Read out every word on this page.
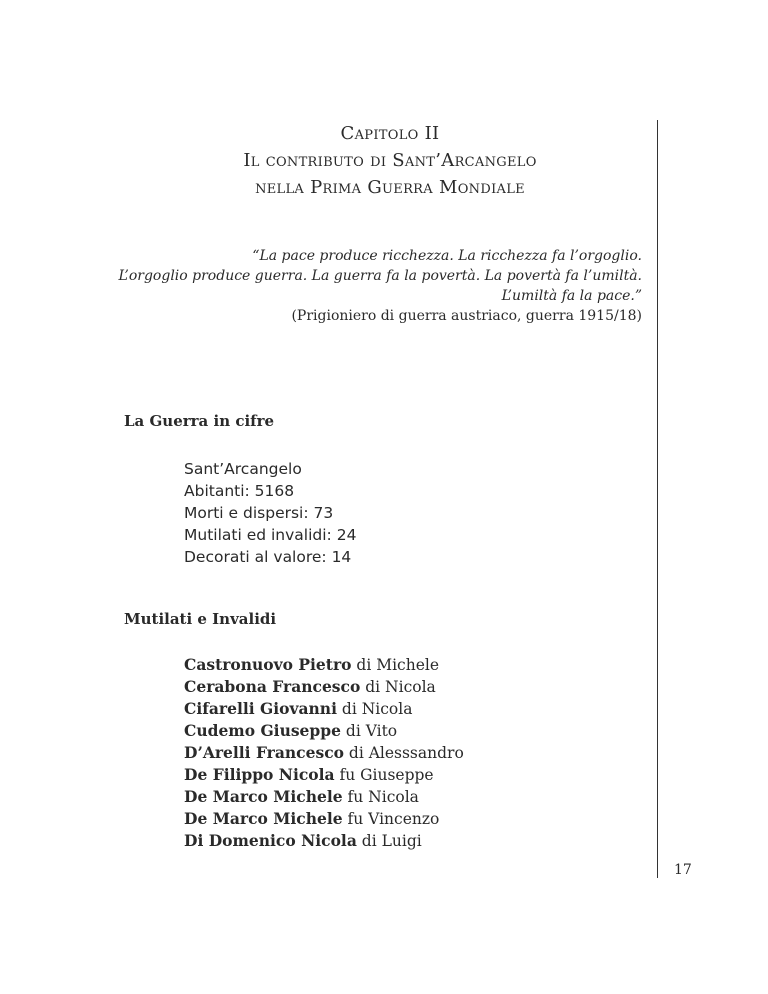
Capitolo II
Il contributo di Sant’Arcangelo
nella Prima Guerra Mondiale
“La pace produce ricchezza. La ricchezza fa l’orgoglio.
L’orgoglio produce guerra. La guerra fa la povertà. La povertà fa l’umiltà.
L’umiltà fa la pace.”
(Prigioniero di guerra austriaco, guerra 1915/18)
La Guerra in cifre
Sant’Arcangelo
Abitanti: 5168
Morti e dispersi: 73
Mutilati ed invalidi: 24
Decorati al valore: 14
Mutilati e Invalidi
Castronuovo Pietro di Michele
Cerabona Francesco di Nicola
Cifarelli Giovanni di Nicola
Cudemo Giuseppe di Vito
D’Arelli Francesco di Alesssandro
De Filippo Nicola fu Giuseppe
De Marco Michele fu Nicola
De Marco Michele fu Vincenzo
Di Domenico Nicola di Luigi
17
